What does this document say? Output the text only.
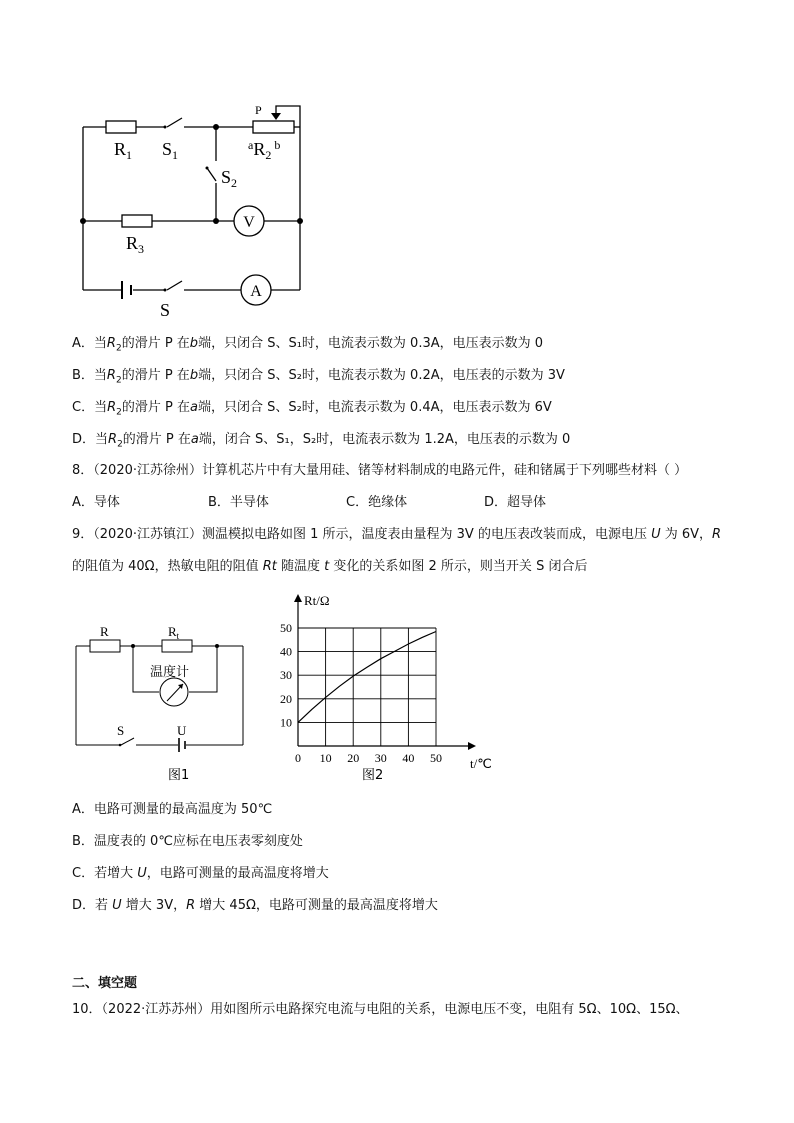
$R_1$ $S_1$
P
$^aR_2^b$
$S_2$
$R_3$
V
S
A
A．当$R_2$的滑片 P 在b端，只闭合 S、S₁时，电流表示数为 0.3A，电压表示数为 0
B．当$R_2$的滑片 P 在b端，只闭合 S、S₂时，电流表示数为 0.2A，电压表的示数为 3V
C．当$R_2$的滑片 P 在a端，只闭合 S、S₂时，电流表示数为 0.4A，电压表示数为 6V
D．当$R_2$的滑片 P 在a端，闭合 S、S₁，S₂时，电流表示数为 1.2A，电压表的示数为 0
8．（2020·江苏徐州）计算机芯片中有大量用硅、锗等材料制成的电路元件，硅和锗属于下列哪些材料（ ）
A．导体	B．半导体	C．绝缘体	D．超导体
9．（2020·江苏镇江）测温模拟电路如图 1 所示，温度表由量程为 3V 的电压表改装而成，电源电压 U 为 6V，R
的阻值为 40Ω，热敏电阻的阻值 Rt 随温度 t 变化的关系如图 2 所示，则当开关 S 闭合后
R	$R_t$
温度计
S	U
图1
0 10 20 30 40 50
10
20
30
40
50
Rt/Ω
t/℃
图2
A．电路可测量的最高温度为 50℃
B．温度表的 0℃应标在电压表零刻度处
C．若增大 U，电路可测量的最高温度将增大
D．若 U 增大 3V，R 增大 45Ω，电路可测量的最高温度将增大
二、填空题
10．（2022·江苏苏州）用如图所示电路探究电流与电阻的关系，电源电压不变，电阻有 5Ω、10Ω、15Ω、
